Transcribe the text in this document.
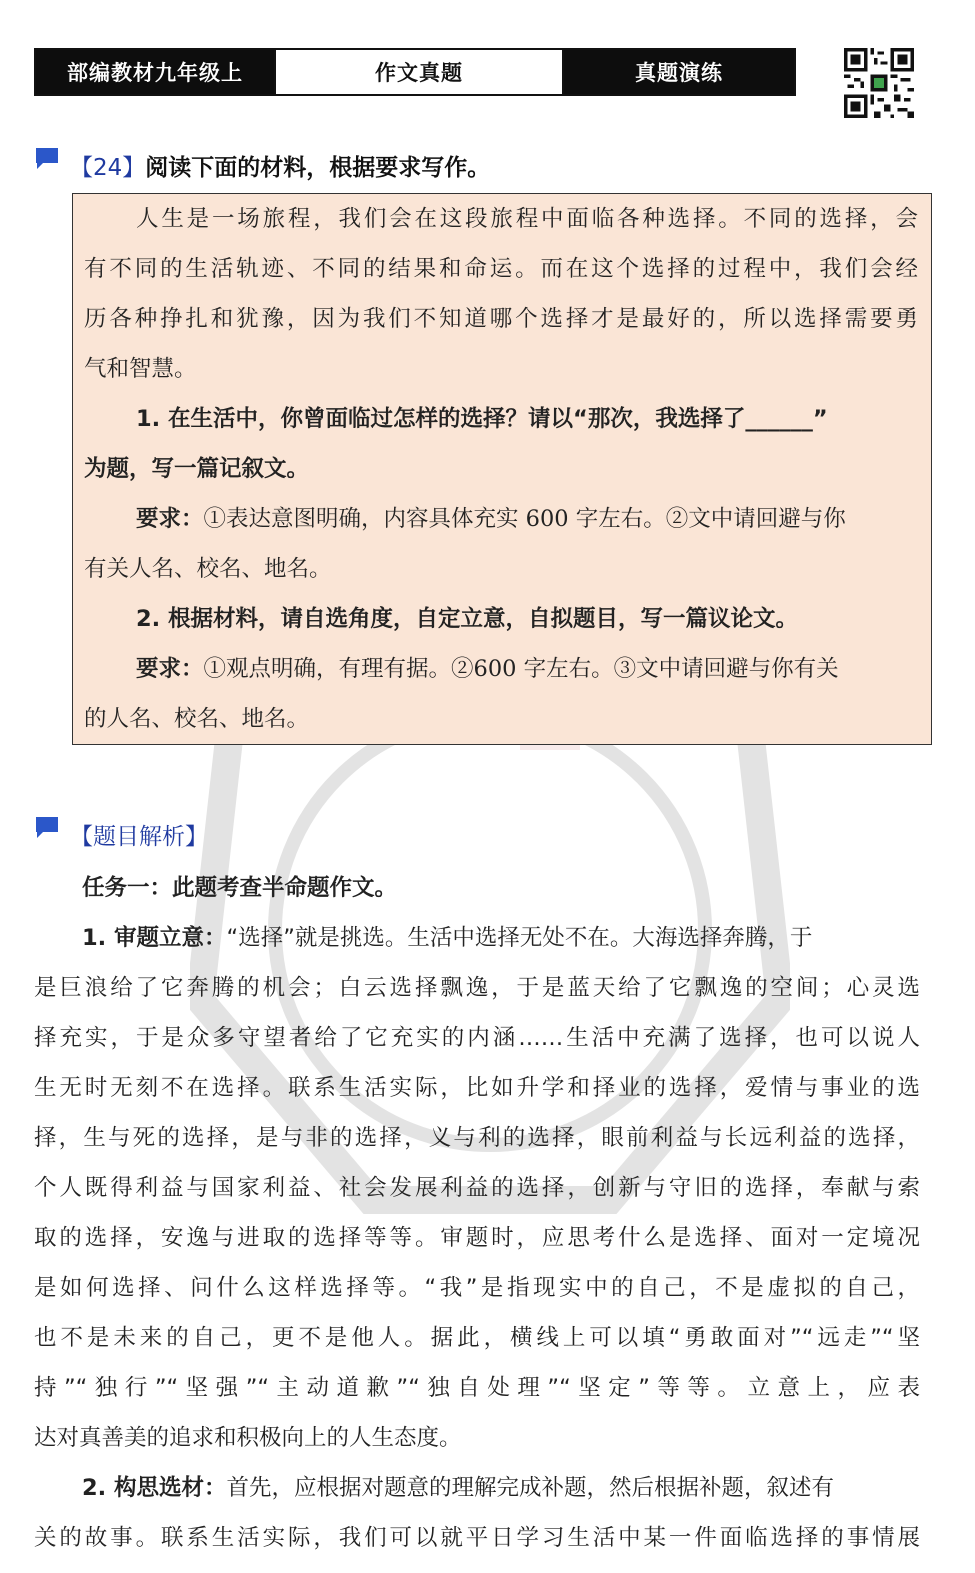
部编教材九年级上	作文真题	真题演练
【24】 阅读下面的材料，根据要求写作。
人生是一场旅程，我们会在这段旅程中面临各种选择。不同的选择，会
有不同的生活轨迹、不同的结果和命运。而在这个选择的过程中，我们会经
历各种挣扎和犹豫，因为我们不知道哪个选择才是最好的，所以选择需要勇
气和智慧。
1. 在生活中，你曾面临过怎样的选择？请以“那次，我选择了______”
为题，写一篇记叙文。
要求：①表达意图明确，内容具体充实 600 字左右。②文中请回避与你
有关人名、校名、地名。
2. 根据材料，请自选角度，自定立意，自拟题目，写一篇议论文。
要求：①观点明确，有理有据。②600 字左右。③文中请回避与你有关
的人名、校名、地名。
【题目解析】
任务一：此题考查半命题作文。
1. 审题立意：“选择”就是挑选。生活中选择无处不在。大海选择奔腾，于
是巨浪给了它奔腾的机会；白云选择飘逸，于是蓝天给了它飘逸的空间；心灵选
择充实，于是众多守望者给了它充实的内涵……生活中充满了选择，也可以说人
生无时无刻不在选择。联系生活实际，比如升学和择业的选择，爱情与事业的选
择，生与死的选择，是与非的选择，义与利的选择，眼前利益与长远利益的选择，
个人既得利益与国家利益、社会发展利益的选择，创新与守旧的选择，奉献与索
取的选择，安逸与进取的选择等等。审题时，应思考什么是选择、面对一定境况
是如何选择、问什么这样选择等。“我”是指现实中的自己，不是虚拟的自己，
也不是未来的自己，更不是他人。据此，横线上可以填“勇敢面对”“远走”“坚
持”“独行”“坚强”“主动道歉”“独自处理”“坚定”等等。立意上，应表
达对真善美的追求和积极向上的人生态度。
2. 构思选材：首先，应根据对题意的理解完成补题，然后根据补题，叙述有
关的故事。联系生活实际，我们可以就平日学习生活中某一件面临选择的事情展
